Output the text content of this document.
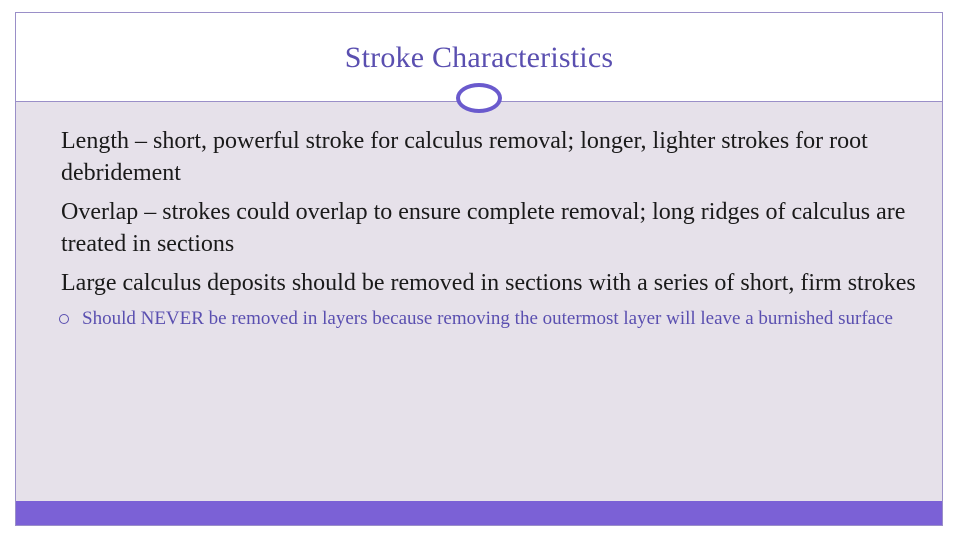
Stroke Characteristics
Length – short, powerful stroke for calculus removal; longer, lighter strokes for root debridement
Overlap – strokes could overlap to ensure complete removal; long ridges of calculus are treated in sections
Large calculus deposits should be removed in sections with a series of short, firm strokes
Should NEVER be removed in layers because removing the outermost layer will leave a burnished surface
